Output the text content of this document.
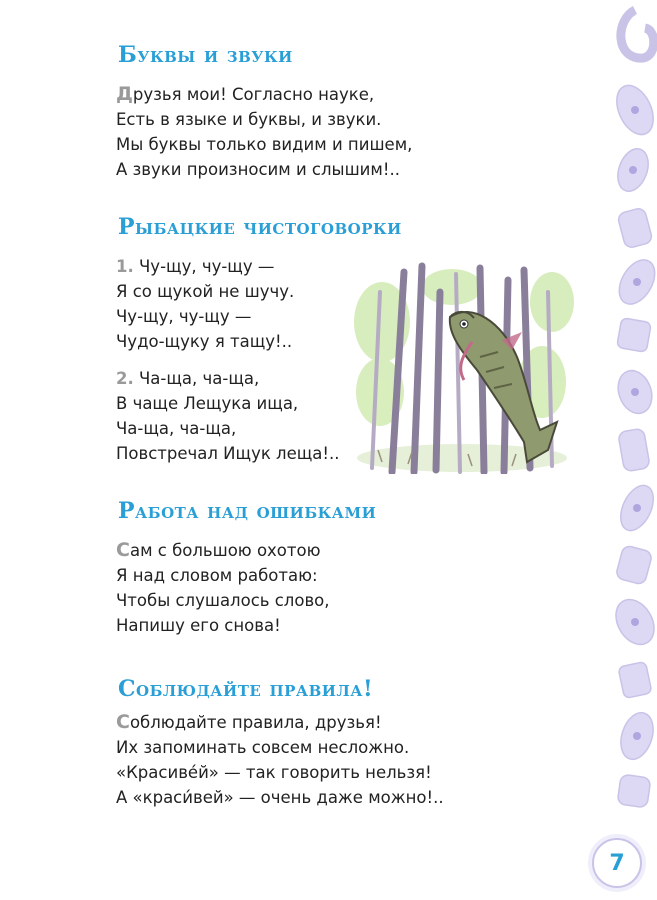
Буквы и звуки
Друзья мои! Согласно науке,
Есть в языке и буквы, и звуки.
Мы буквы только видим и пишем,
А звуки произносим и слышим!..
Рыбацкие чистоговорки
1. Чу-щу, чу-щу —
Я со щукой не шучу.
Чу-щу, чу-щу —
Чудо-щуку я тащу!..
2. Ча-ща, ча-ща,
В чаще Лещука ища,
Ча-ща, ча-ща,
Повстречал Ищук леща!..
Работа над ошибками
Сам с большою охотою
Я над словом работаю:
Чтобы слушалось слово,
Напишу его снова!
Соблюдайте правила!
Соблюдайте правила, друзья!
Их запоминать совсем несложно.
«Красиве́й» — так говорить нельзя!
А «краси́вей» — очень даже можно!..
7
